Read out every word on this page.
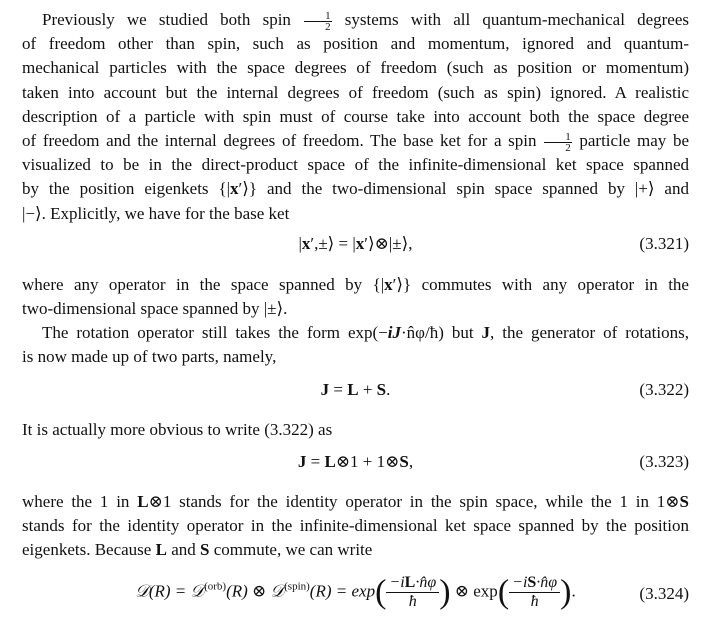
Previously we studied both spin $\frac{1}{2}$ systems with all quantum-mechanical degrees
of freedom other than spin, such as position and momentum, ignored and quantum-
mechanical particles with the space degrees of freedom (such as position or momentum)
taken into account but the internal degrees of freedom (such as spin) ignored. A realistic
description of a particle with spin must of course take into account both the space degree
of freedom and the internal degrees of freedom. The base ket for a spin $\frac{1}{2}$ particle may be
visualized to be in the direct-product space of the infinite-dimensional ket space spanned
by the position eigenkets {|x′⟩} and the two-dimensional spin space spanned by |+⟩ and
|−⟩. Explicitly, we have for the base ket
|x′,±⟩ = |x′⟩⊗|±⟩,	(3.321)
where any operator in the space spanned by {|x′⟩} commutes with any operator in the
two-dimensional space spanned by |±⟩.
The rotation operator still takes the form exp(−iJ·n̂φ/ħ) but J, the generator of rotations,
is now made up of two parts, namely,
J = L + S.	(3.322)
It is actually more obvious to write (3.322) as
J = L⊗1 + 1⊗S,	(3.323)
where the 1 in L⊗1 stands for the identity operator in the spin space, while the 1 in 1⊗S
stands for the identity operator in the infinite-dimensional ket space spanned by the position
eigenkets. Because L and S commute, we can write
𝒟(R) = 𝒟$^{(orb)}$(R) ⊗ 𝒟$^{(spin)}$(R) = $\exp( \frac{-iL\cdot n̂\varphi}{ħ}$ ) ⊗ $\exp( \frac{-iS\cdot n̂\varphi}{ħ}$ ).	(3.324)
